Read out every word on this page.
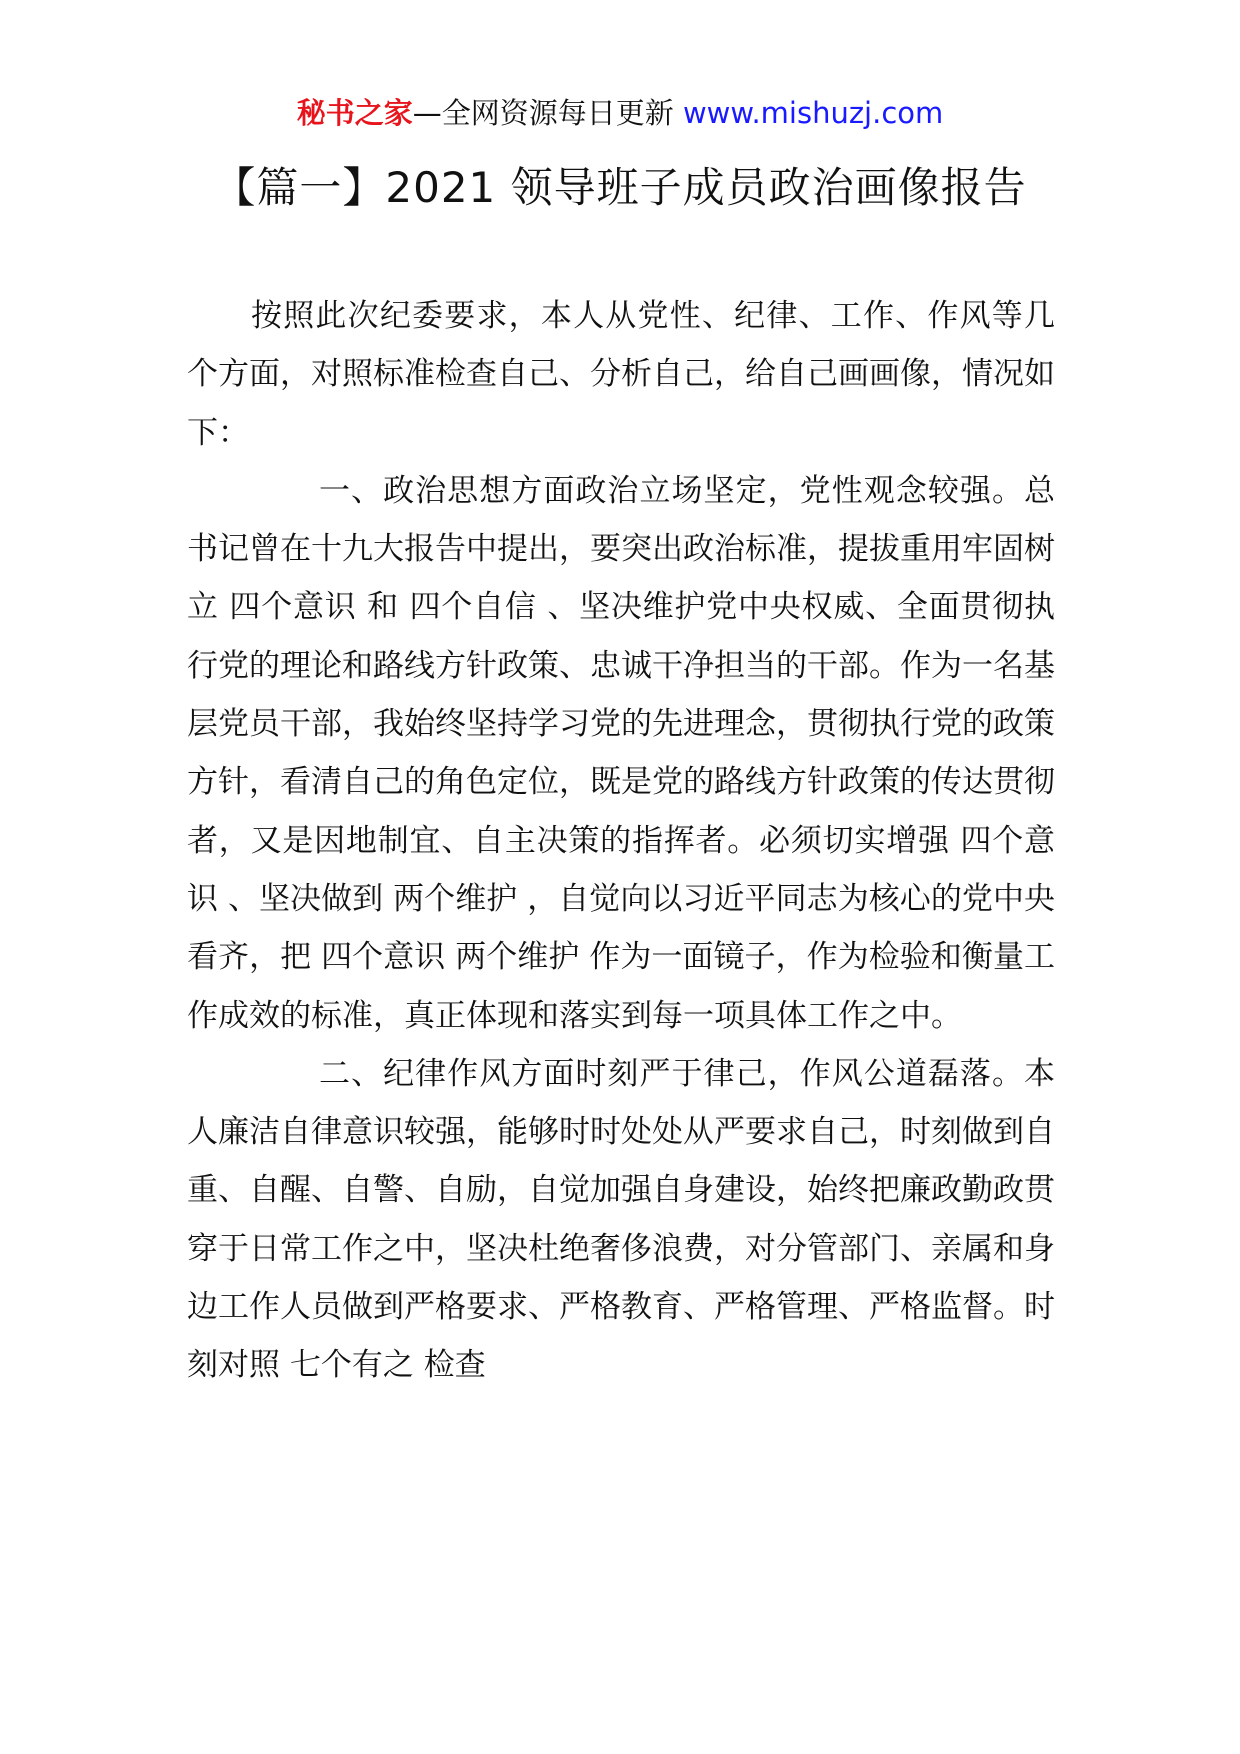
秘书之家—全网资源每日更新 www.mishuzj.com
【篇一】2021 领导班子成员政治画像报告

按照此次纪委要求，本人从党性、纪律、工作、作风等几个方面，对照标准检查自己、分析自己，给自己画画像，情况如下：

一、政治思想方面政治立场坚定，党性观念较强。总书记曾在十九大报告中提出，要突出政治标准，提拔重用牢固树立 四个意识 和 四个自信 、坚决维护党中央权威、全面贯彻执行党的理论和路线方针政策、忠诚干净担当的干部。作为一名基层党员干部，我始终坚持学习党的先进理念，贯彻执行党的政策方针，看清自己的角色定位，既是党的路线方针政策的传达贯彻者，又是因地制宜、自主决策的指挥者。必须切实增强 四个意识 、坚决做到 两个维护 ，自觉向以习近平同志为核心的党中央看齐，把 四个意识 两个维护 作为一面镜子，作为检验和衡量工作成效的标准，真正体现和落实到每一项具体工作之中。

二、纪律作风方面时刻严于律己，作风公道磊落。本人廉洁自律意识较强，能够时时处处从严要求自己，时刻做到自重、自醒、自警、自励，自觉加强自身建设，始终把廉政勤政贯穿于日常工作之中，坚决杜绝奢侈浪费，对分管部门、亲属和身边工作人员做到严格要求、严格教育、严格管理、严格监督。时刻对照 七个有之 检查
